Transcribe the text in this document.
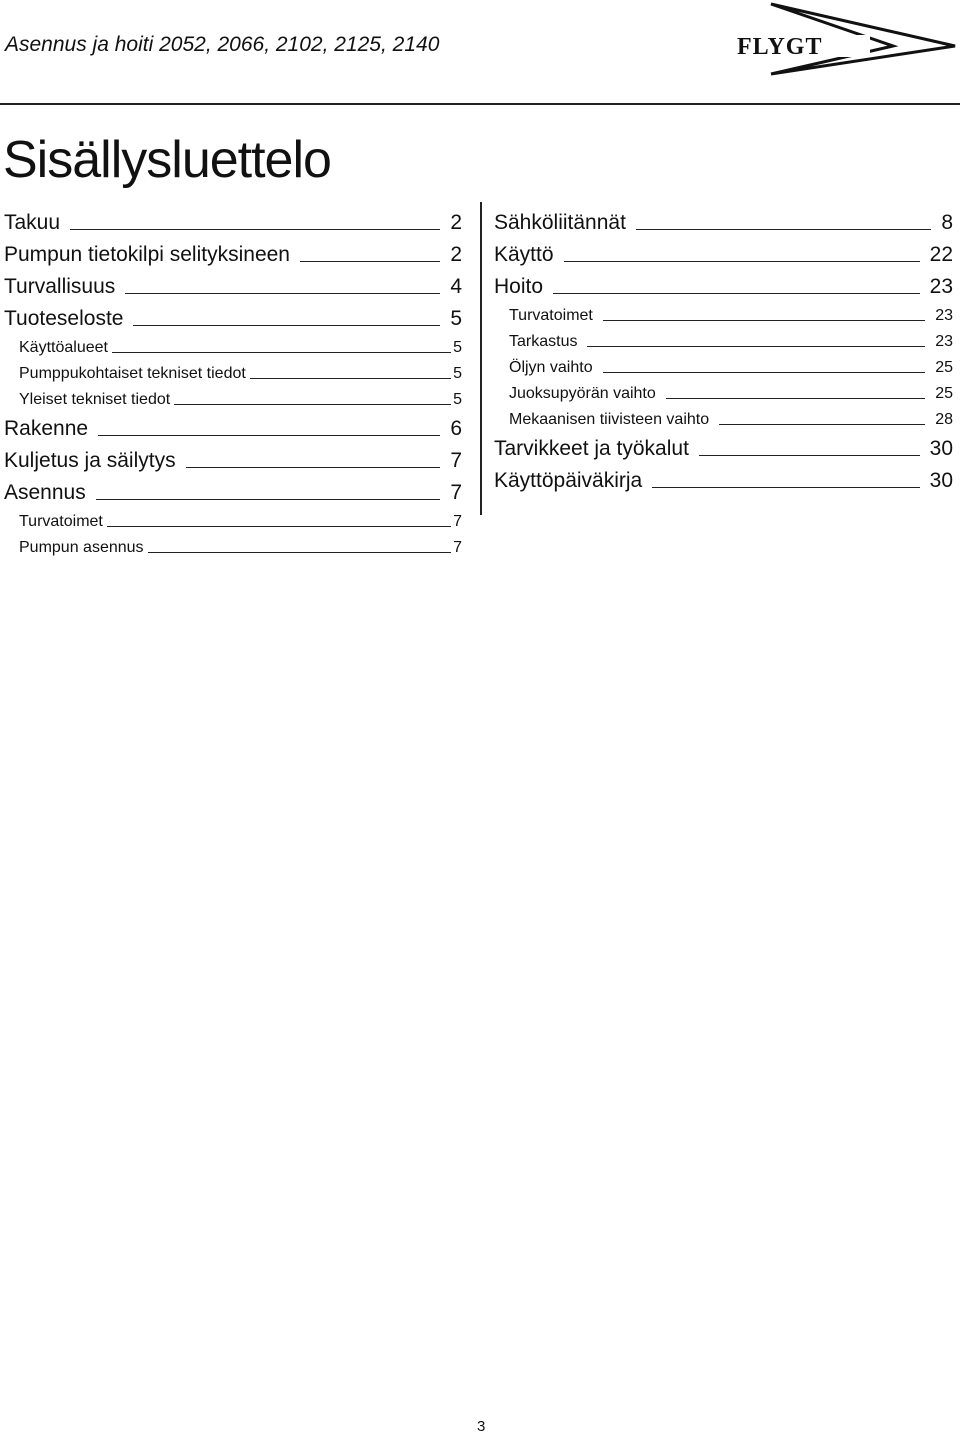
Asennus ja hoiti 2052, 2066, 2102, 2125, 2140	FLYGT
Sisällysluettelo
Takuu	2
Pumpun tietokilpi selityksineen	2
Turvallisuus	4
Tuoteseloste	5
Käyttöalueet	5
Pumppukohtaiset tekniset tiedot	5
Yleiset tekniset tiedot	5
Rakenne	6
Kuljetus ja säilytys	7
Asennus	7
Turvatoimet	7
Pumpun asennus	7
Sähköliitännät	8
Käyttö	22
Hoito	23
Turvatoimet	23
Tarkastus	23
Öljyn vaihto	25
Juoksupyörän vaihto	25
Mekaanisen tiivisteen vaihto	28
Tarvikkeet ja työkalut	30
Käyttöpäiväkirja	30
3
